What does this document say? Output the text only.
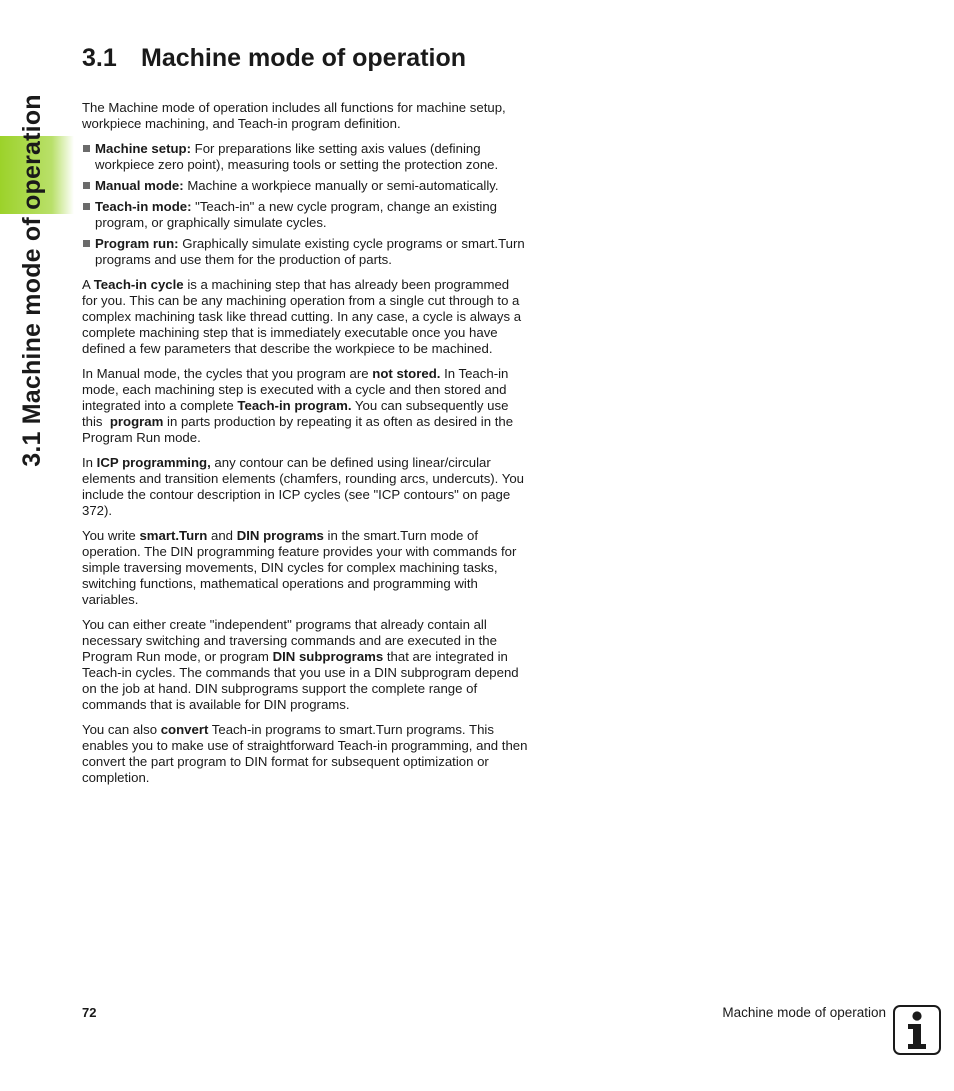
3.1 Machine mode of operation
3.1 Machine mode of operation

The Machine mode of operation includes all functions for machine setup, workpiece machining, and Teach-in program definition.

Machine setup: For preparations like setting axis values (defining workpiece zero point), measuring tools or setting the protection zone.
Manual mode: Machine a workpiece manually or semi-automatically.
Teach-in mode: "Teach-in" a new cycle program, change an existing program, or graphically simulate cycles.
Program run: Graphically simulate existing cycle programs or smart.Turn programs and use them for the production of parts.

A Teach-in cycle is a machining step that has already been programmed for you. This can be any machining operation from a single cut through to a complex machining task like thread cutting. In any case, a cycle is always a complete machining step that is immediately executable once you have defined a few parameters that describe the workpiece to be machined.

In Manual mode, the cycles that you program are not stored. In Teach-in mode, each machining step is executed with a cycle and then stored and integrated into a complete Teach-in program. You can subsequently use this  program in parts production by repeating it as often as desired in the Program Run mode.

In ICP programming, any contour can be defined using linear/circular elements and transition elements (chamfers, rounding arcs, undercuts). You include the contour description in ICP cycles (see "ICP contours" on page 372).

You write smart.Turn and DIN programs in the smart.Turn mode of operation. The DIN programming feature provides your with commands for simple traversing movements, DIN cycles for complex machining tasks, switching functions, mathematical operations and programming with variables.

You can either create "independent" programs that already contain all necessary switching and traversing commands and are executed in the Program Run mode, or program DIN subprograms that are integrated in Teach-in cycles. The commands that you use in a DIN subprogram depend on the job at hand. DIN subprograms support the complete range of commands that is available for DIN programs.

You can also convert Teach-in programs to smart.Turn programs. This enables you to make use of straightforward Teach-in programming, and then convert the part program to DIN format for subsequent optimization or completion.

72	Machine mode of operation
